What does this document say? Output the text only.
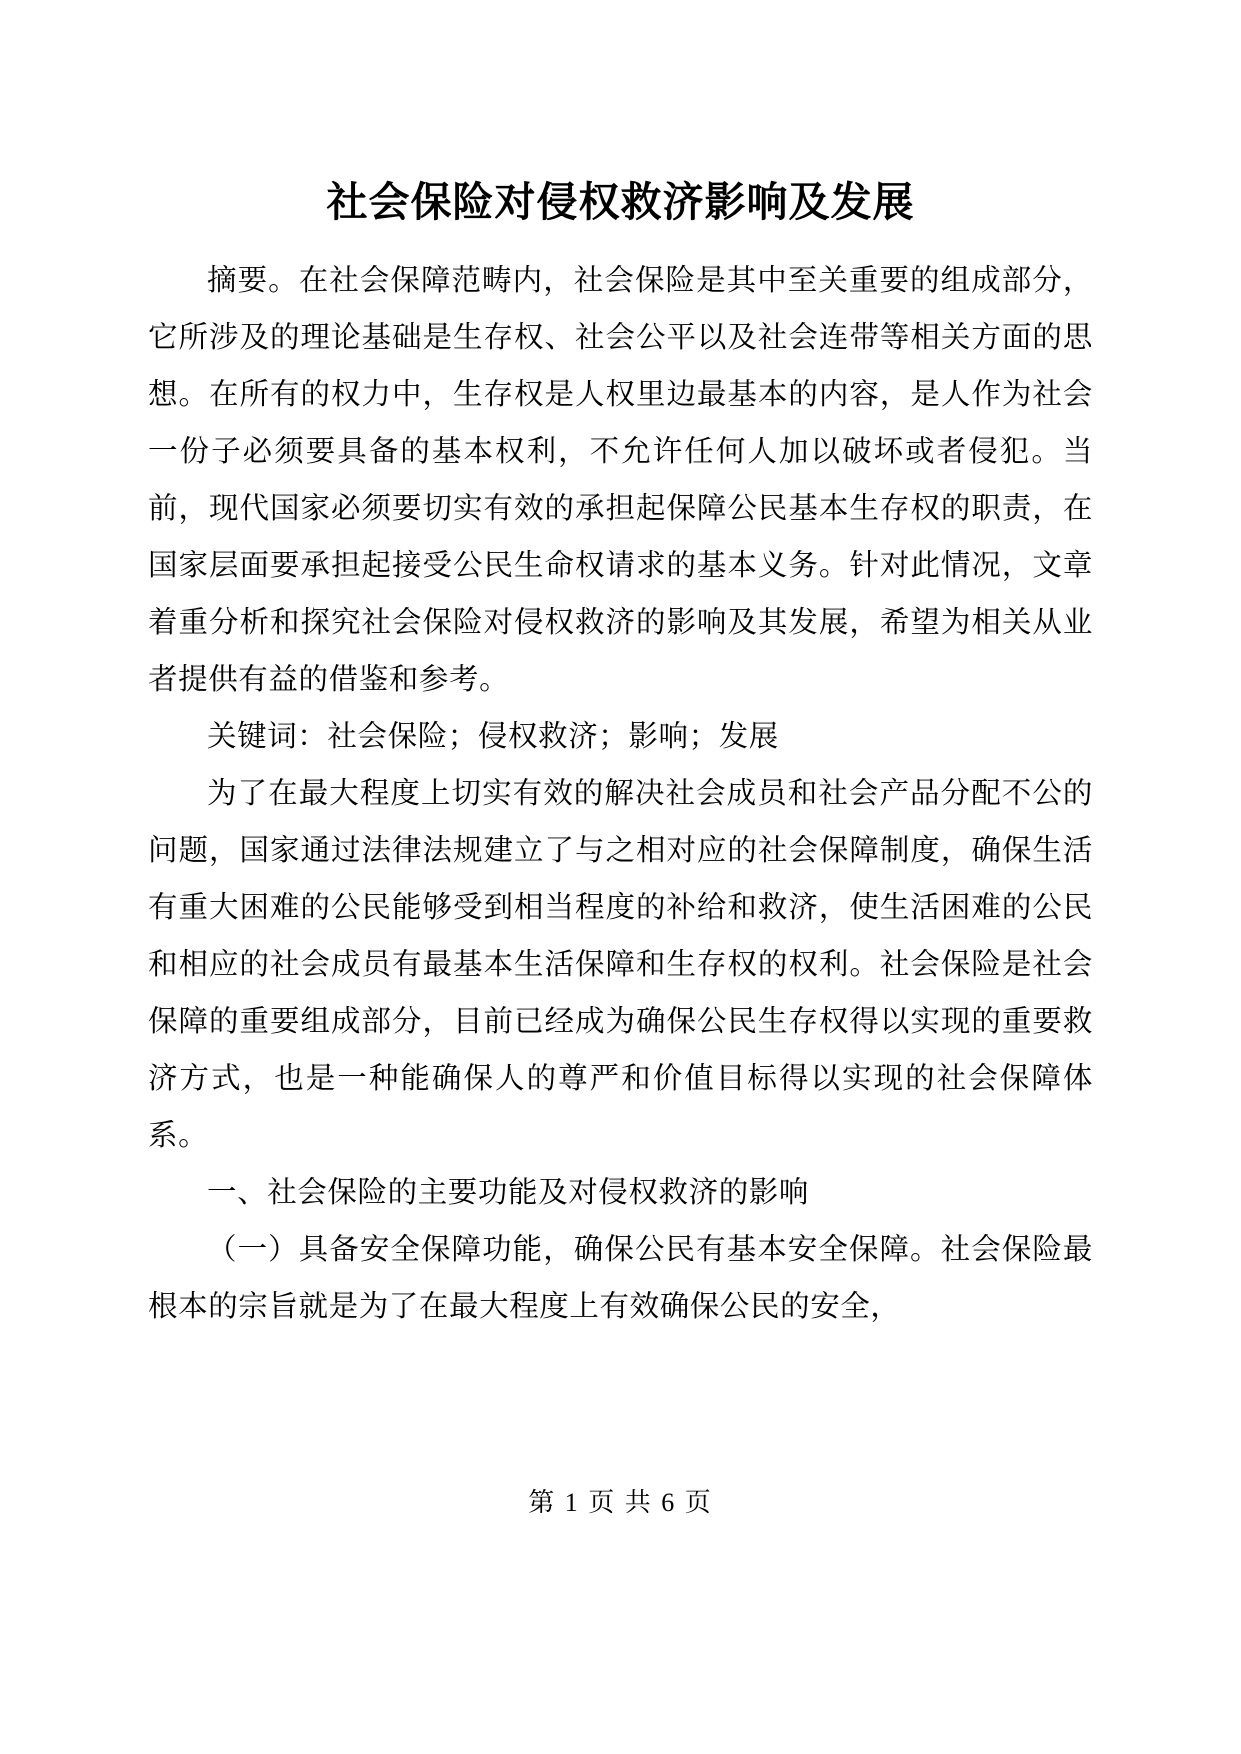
社会保险对侵权救济影响及发展

摘要。在社会保障范畴内，社会保险是其中至关重要的组成部分，它所涉及的理论基础是生存权、社会公平以及社会连带等相关方面的思想。在所有的权力中，生存权是人权里边最基本的内容，是人作为社会一份子必须要具备的基本权利，不允许任何人加以破坏或者侵犯。当前，现代国家必须要切实有效的承担起保障公民基本生存权的职责，在国家层面要承担起接受公民生命权请求的基本义务。针对此情况，文章着重分析和探究社会保险对侵权救济的影响及其发展，希望为相关从业者提供有益的借鉴和参考。

关键词：社会保险；侵权救济；影响；发展

为了在最大程度上切实有效的解决社会成员和社会产品分配不公的问题，国家通过法律法规建立了与之相对应的社会保障制度，确保生活有重大困难的公民能够受到相当程度的补给和救济，使生活困难的公民和相应的社会成员有最基本生活保障和生存权的权利。社会保险是社会保障的重要组成部分，目前已经成为确保公民生存权得以实现的重要救济方式，也是一种能确保人的尊严和价值目标得以实现的社会保障体系。

一、社会保险的主要功能及对侵权救济的影响

（一）具备安全保障功能，确保公民有基本安全保障。社会保险最根本的宗旨就是为了在最大程度上有效确保公民的安全，

第 1 页 共 6 页
